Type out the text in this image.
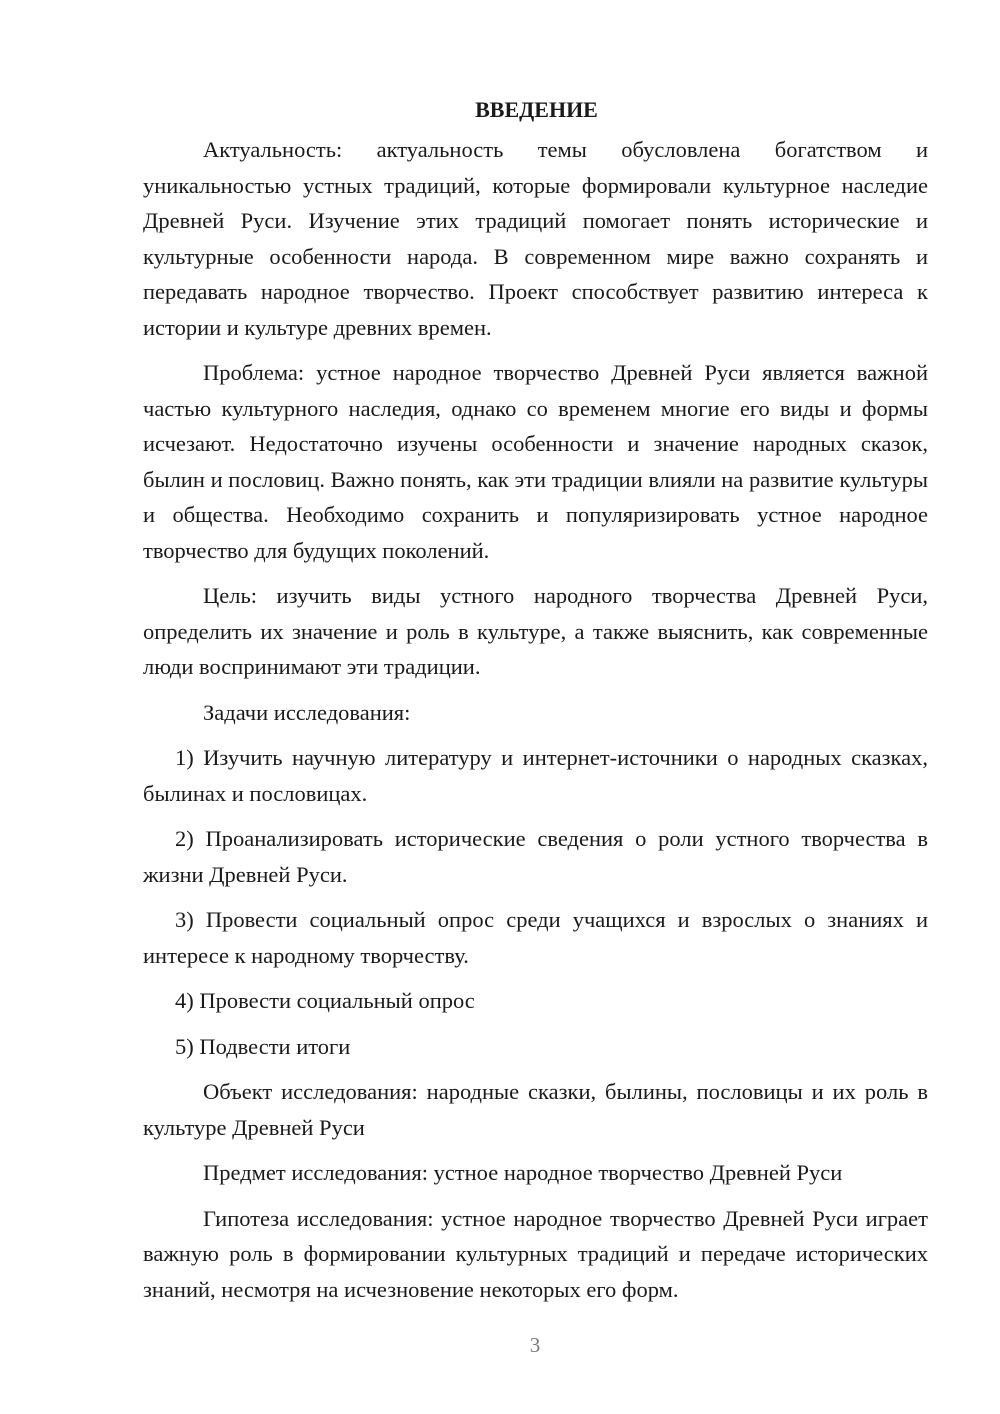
ВВЕДЕНИЕ

Актуальность: актуальность темы обусловлена богатством и уникальностью устных традиций, которые формировали культурное наследие Древней Руси. Изучение этих традиций помогает понять исторические и культурные особенности народа. В современном мире важно сохранять и передавать народное творчество. Проект способствует развитию интереса к истории и культуре древних времен.

Проблема: устное народное творчество Древней Руси является важной частью культурного наследия, однако со временем многие его виды и формы исчезают. Недостаточно изучены особенности и значение народных сказок, былин и пословиц. Важно понять, как эти традиции влияли на развитие культуры и общества. Необходимо сохранить и популяризировать устное народное творчество для будущих поколений.

Цель: изучить виды устного народного творчества Древней Руси, определить их значение и роль в культуре, а также выяснить, как современные люди воспринимают эти традиции.

Задачи исследования:

1) Изучить научную литературу и интернет-источники о народных сказках, былинах и пословицах.

2) Проанализировать исторические сведения о роли устного творчества в жизни Древней Руси.

3) Провести социальный опрос среди учащихся и взрослых о знаниях и интересе к народному творчеству.

4) Провести социальный опрос

5) Подвести итоги

Объект исследования: народные сказки, былины, пословицы и их роль в культуре Древней Руси

Предмет исследования: устное народное творчество Древней Руси

Гипотеза исследования: устное народное творчество Древней Руси играет важную роль в формировании культурных традиций и передаче исторических знаний, несмотря на исчезновение некоторых его форм.

3
